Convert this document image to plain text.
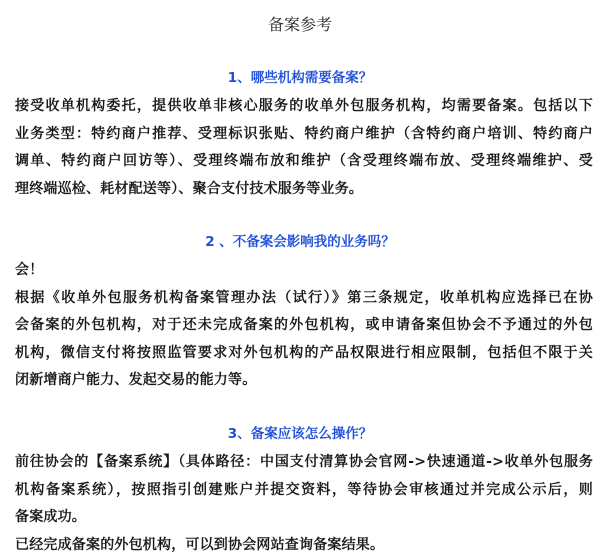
备案参考
1、哪些机构需要备案？
接受收单机构委托，提供收单非核心服务的收单外包服务机构，均需要备案。包括以下
业务类型：特约商户推荐、受理标识张贴、特约商户维护（含特约商户培训、特约商户
调单、特约商户回访等）、受理终端布放和维护（含受理终端布放、受理终端维护、受
理终端巡检、耗材配送等）、聚合支付技术服务等业务。
2 、不备案会影响我的业务吗？
会！
根据《收单外包服务机构备案管理办法（试行）》第三条规定，收单机构应选择已在协
会备案的外包机构，对于还未完成备案的外包机构，或申请备案但协会不予通过的外包
机构，微信支付将按照监管要求对外包机构的产品权限进行相应限制，包括但不限于关
闭新增商户能力、发起交易的能力等。
3、备案应该怎么操作？
前往协会的【备案系统】（具体路径：中国支付清算协会官网->快速通道->收单外包服务
机构备案系统），按照指引创建账户并提交资料，等待协会审核通过并完成公示后，则
备案成功。
已经完成备案的外包机构，可以到协会网站查询备案结果。
